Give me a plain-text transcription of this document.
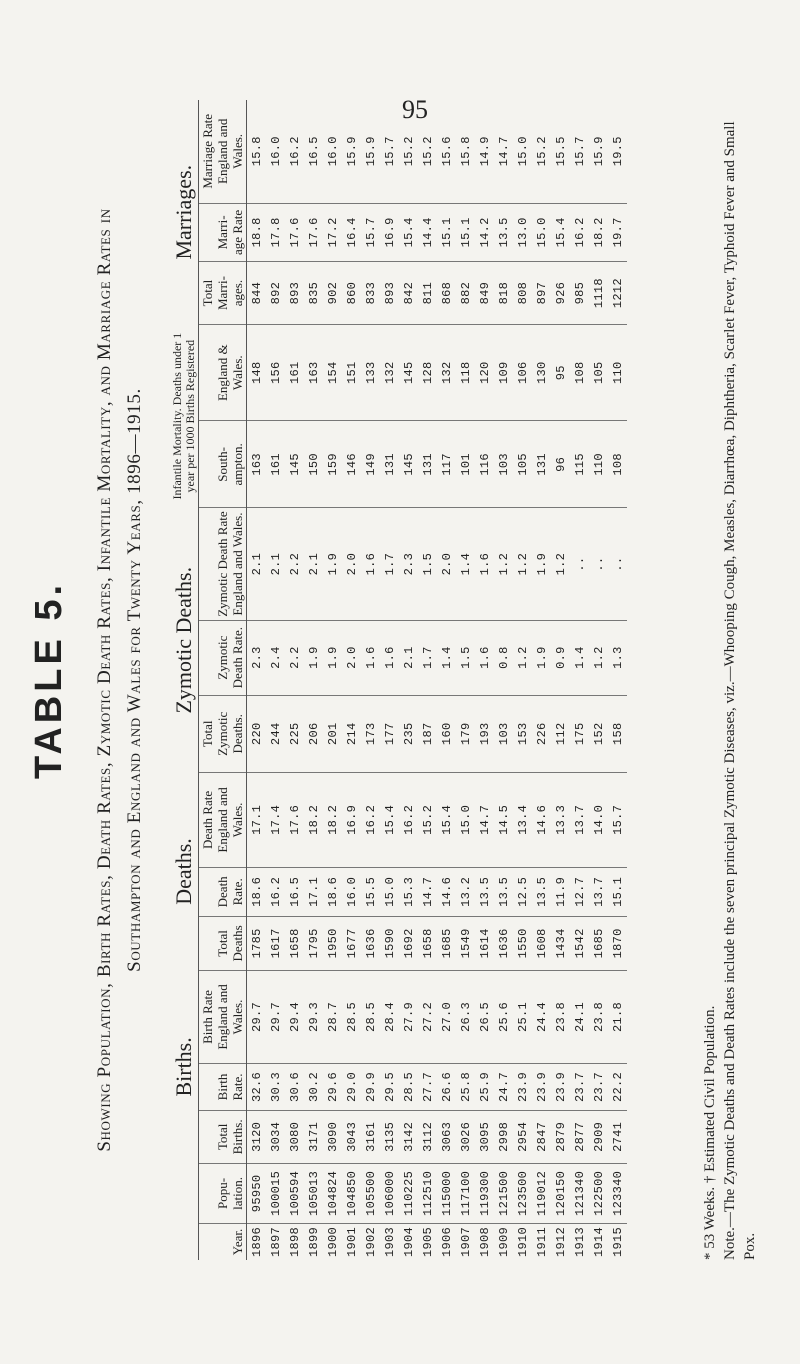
95
TABLE 5. Showing Population, Birth Rates, Death Rates, Zymotic Death Rates, Infantile Mortality, and Marriage Rates in Southampton and England and Wales for Twenty Years, 1896—1915.
		Births.			Deaths.			Zymotic Deaths.			Infantile Mortality. Deaths under 1 year per 1000 Births Registered		Marriages.		
Year.	Popu- lation.	Total Births.	Birth Rate.	Birth Rate England and Wales.	Total Deaths	Death Rate.	Death Rate England and Wales.	Total Zymotic Deaths.	Zymotic Death Rate.	Zymotic Death Rate England and Wales.	South- ampton.	England & Wales.	Total Marri- ages.	Marri- age Rate	Marriage Rate England and Wales.
1896	95950	3120	32.6	29.7	1785	18.6	17.1	220	2.3	2.1	163	148	844	18.8	15.8
1897	100015	3034	30.3	29.7	1617	16.2	17.4	244	2.4	2.1	161	156	892	17.8	16.0
1898	100594	3080	30.6	29.4	1658	16.5	17.6	225	2.2	2.2	145	161	893	17.6	16.2
1899	105013	3171	30.2	29.3	1795	17.1	18.2	206	1.9	2.1	150	163	835	17.6	16.5
1900	104824	3090	29.6	28.7	1950	18.6	18.2	201	1.9	1.9	159	154	902	17.2	16.0
1901	104850	3043	29.0	28.5	1677	16.0	16.9	214	2.0	2.0	146	151	860	16.4	15.9
1902	105500	3161	29.9	28.5	1636	15.5	16.2	173	1.6	1.6	149	133	833	15.7	15.9
1903	106000	3135	29.5	28.4	1590	15.0	15.4	177	1.6	1.7	131	132	893	16.9	15.7
1904	110225	3142	28.5	27.9	1692	15.3	16.2	235	2.1	2.3	145	145	842	15.4	15.2
1905	112510	3112	27.7	27.2	1658	14.7	15.2	187	1.7	1.5	131	128	811	14.4	15.2
1906	115000	3063	26.6	27.0	1685	14.6	15.4	160	1.4	2.0	117	132	868	15.1	15.6
1907	117100	3026	25.8	26.3	1549	13.2	15.0	179	1.5	1.4	101	118	882	15.1	15.8
1908	119300	3095	25.9	26.5	1614	13.5	14.7	193	1.6	1.6	116	120	849	14.2	14.9
1909	121500	2998	24.7	25.6	1636	13.5	14.5	103	0.8	1.2	103	109	818	13.5	14.7
1910	123500	2954	23.9	25.1	1550	12.5	13.4	153	1.2	1.2	105	106	808	13.0	15.0
1911	119012	2847	23.9	24.4	1608	13.5	14.6	226	1.9	1.9	131	130	897	15.0	15.2
1912	120150	2879	23.9	23.8	1434	11.9	13.3	112	0.9	1.2	96	95	926	15.4	15.5
1913	121340	2877	23.7	24.1	1542	12.7	13.7	175	1.4	..	115	108	985	16.2	15.7
1914	122500	2909	23.7	23.8	1685	13.7	14.0	152	1.2	..	110	105	1118	18.2	15.9
1915	123340	2741	22.2	21.8	1870	15.1	15.7	158	1.3	..	108	110	1212	19.7	19.5
* 53 Weeks. † Estimated Civil Population. Note.—The Zymotic Deaths and Death Rates include the seven principal Zymotic Diseases, viz.—Whooping Cough, Measles, Diarrhœa, Diphtheria, Scarlet Fever, Typhoid Fever and Small Pox.
